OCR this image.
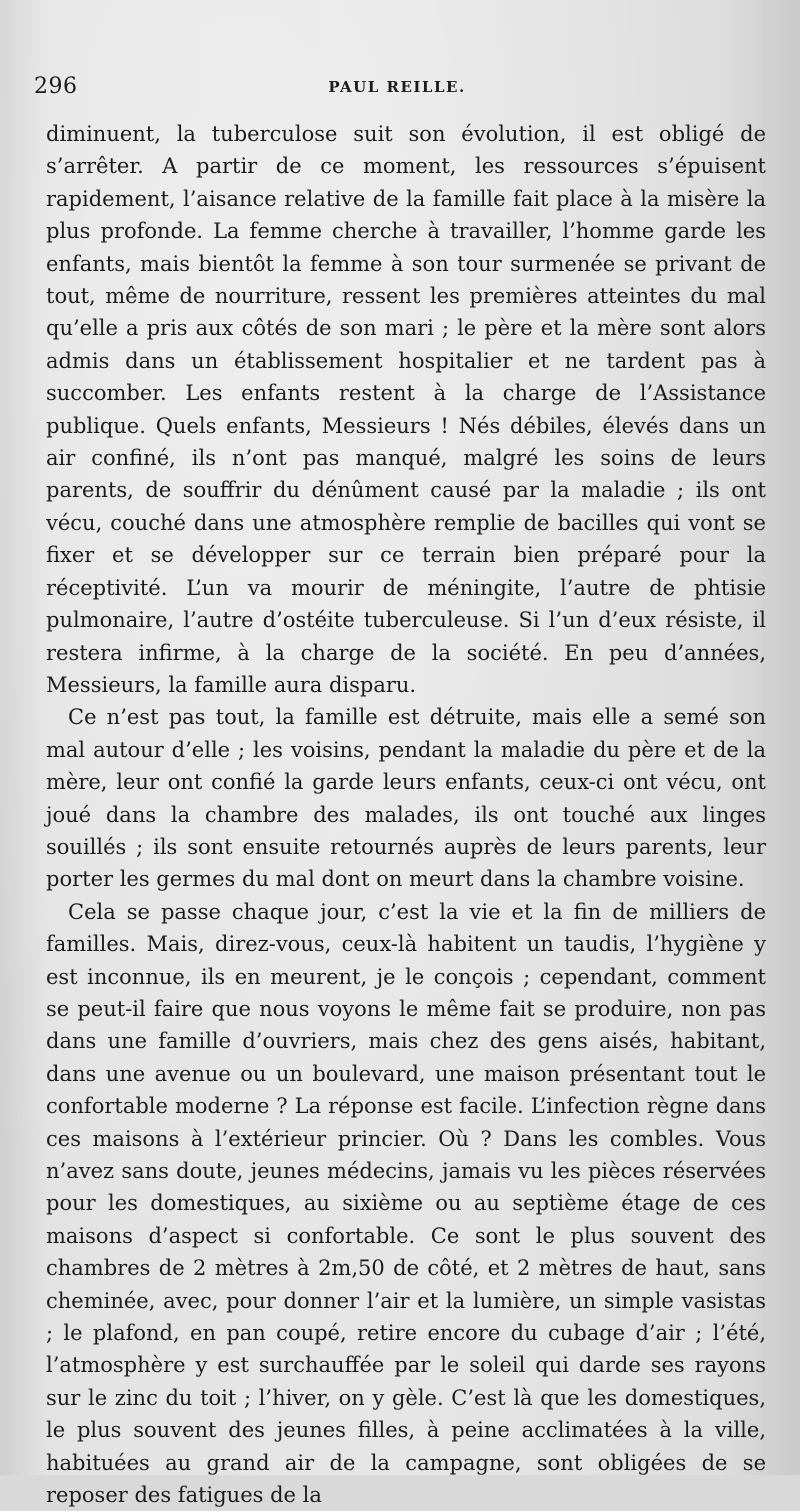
296	PAUL REILLE.

diminuent, la tuberculose suit son évolution, il est obligé de s’arrêter. A partir de ce moment, les ressources s’épuisent rapidement, l’aisance relative de la famille fait place à la misère la plus profonde. La femme cherche à travailler, l’homme garde les enfants, mais bientôt la femme à son tour surmenée se privant de tout, même de nourriture, ressent les premières atteintes du mal qu’elle a pris aux côtés de son mari ; le père et la mère sont alors admis dans un établissement hospitalier et ne tardent pas à succomber. Les enfants restent à la charge de l’Assistance publique. Quels enfants, Messieurs ! Nés débiles, élevés dans un air confiné, ils n’ont pas manqué, malgré les soins de leurs parents, de souffrir du dénûment causé par la maladie ; ils ont vécu, couché dans une atmosphère remplie de bacilles qui vont se fixer et se développer sur ce terrain bien préparé pour la réceptivité. L’un va mourir de méningite, l’autre de phtisie pulmonaire, l’autre d’ostéite tuberculeuse. Si l’un d’eux résiste, il restera infirme, à la charge de la société. En peu d’années, Messieurs, la famille aura disparu.

Ce n’est pas tout, la famille est détruite, mais elle a semé son mal autour d’elle ; les voisins, pendant la maladie du père et de la mère, leur ont confié la garde leurs enfants, ceux-ci ont vécu, ont joué dans la chambre des malades, ils ont touché aux linges souillés ; ils sont ensuite retournés auprès de leurs parents, leur porter les germes du mal dont on meurt dans la chambre voisine.

Cela se passe chaque jour, c’est la vie et la fin de milliers de familles. Mais, direz-vous, ceux-là habitent un taudis, l’hygiène y est inconnue, ils en meurent, je le conçois ; cependant, comment se peut-il faire que nous voyons le même fait se produire, non pas dans une famille d’ouvriers, mais chez des gens aisés, habitant, dans une avenue ou un boulevard, une maison présentant tout le confortable moderne ? La réponse est facile. L’infection règne dans ces maisons à l’extérieur princier. Où ? Dans les combles. Vous n’avez sans doute, jeunes médecins, jamais vu les pièces réservées pour les domestiques, au sixième ou au septième étage de ces maisons d’aspect si confortable. Ce sont le plus souvent des chambres de 2 mètres à 2m,50 de côté, et 2 mètres de haut, sans cheminée, avec, pour donner l’air et la lumière, un simple vasistas ; le plafond, en pan coupé, retire encore du cubage d’air ; l’été, l’atmosphère y est surchauffée par le soleil qui darde ses rayons sur le zinc du toit ; l’hiver, on y gèle. C’est là que les domestiques, le plus souvent des jeunes filles, à peine acclimatées à la ville, habituées au grand air de la campagne, sont obligées de se reposer des fatigues de la
